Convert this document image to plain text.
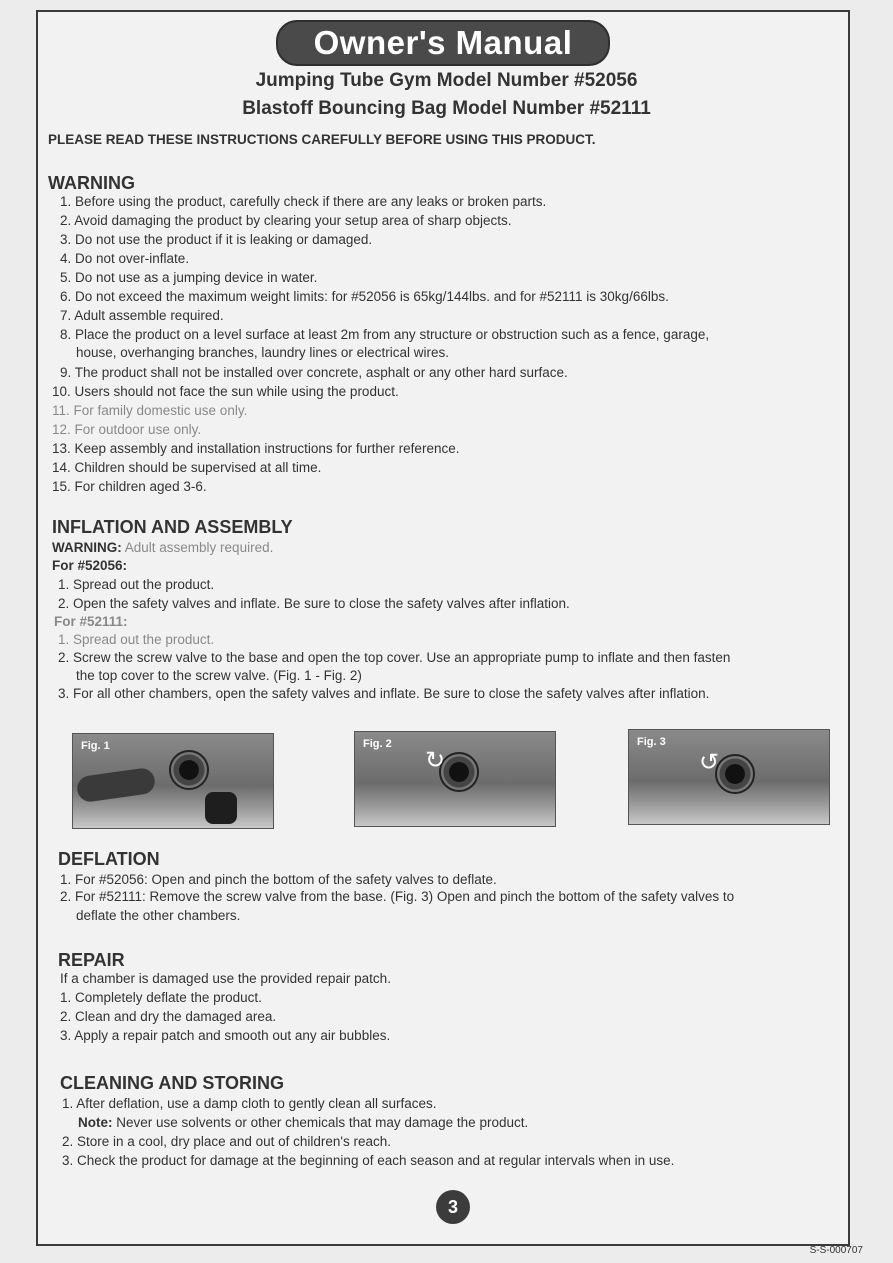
Owner's Manual
Jumping Tube Gym Model Number #52056
Blastoff Bouncing Bag Model Number #52111
PLEASE READ THESE INSTRUCTIONS CAREFULLY BEFORE USING THIS PRODUCT.
WARNING
1. Before using the product, carefully check if there are any leaks or broken parts.
2. Avoid damaging the product by clearing your setup area of sharp objects.
3. Do not use the product if it is leaking or damaged.
4. Do not over-inflate.
5. Do not use as a jumping device in water.
6. Do not exceed the maximum weight limits: for #52056 is 65kg/144lbs. and for #52111 is 30kg/66lbs.
7. Adult assemble required.
8. Place the product on a level surface at least 2m from any structure or obstruction such as a fence, garage,
house, overhanging branches, laundry lines or electrical wires.
9. The product shall not be installed over concrete, asphalt or any other hard surface.
10. Users should not face the sun while using the product.
11. For family domestic use only.
12. For outdoor use only.
13. Keep assembly and installation instructions for further reference.
14. Children should be supervised at all time.
15. For children aged 3-6.
INFLATION AND ASSEMBLY
WARNING: Adult assembly required.
For #52056:
1. Spread out the product.
2. Open the safety valves and inflate. Be sure to close the safety valves after inflation.
For #52111:
1. Spread out the product.
2. Screw the screw valve to the base and open the top cover. Use an appropriate pump to inflate and then fasten
the top cover to the screw valve. (Fig. 1 - Fig. 2)
3. For all other chambers, open the safety valves and inflate. Be sure to close the safety valves after inflation.
Fig. 1	Fig. 2
↻
Fig. 3
↺
DEFLATION
1. For #52056: Open and pinch the bottom of the safety valves to deflate.
2. For #52111: Remove the screw valve from the base. (Fig. 3) Open and pinch the bottom of the safety valves to
deflate the other chambers.
REPAIR
If a chamber is damaged use the provided repair patch.
1. Completely deflate the product.
2. Clean and dry the damaged area.
3. Apply a repair patch and smooth out any air bubbles.
CLEANING AND STORING
1. After deflation, use a damp cloth to gently clean all surfaces.
Note: Never use solvents or other chemicals that may damage the product.
2. Store in a cool, dry place and out of children's reach.
3. Check the product for damage at the beginning of each season and at regular intervals when in use.
3
S-S-000707
